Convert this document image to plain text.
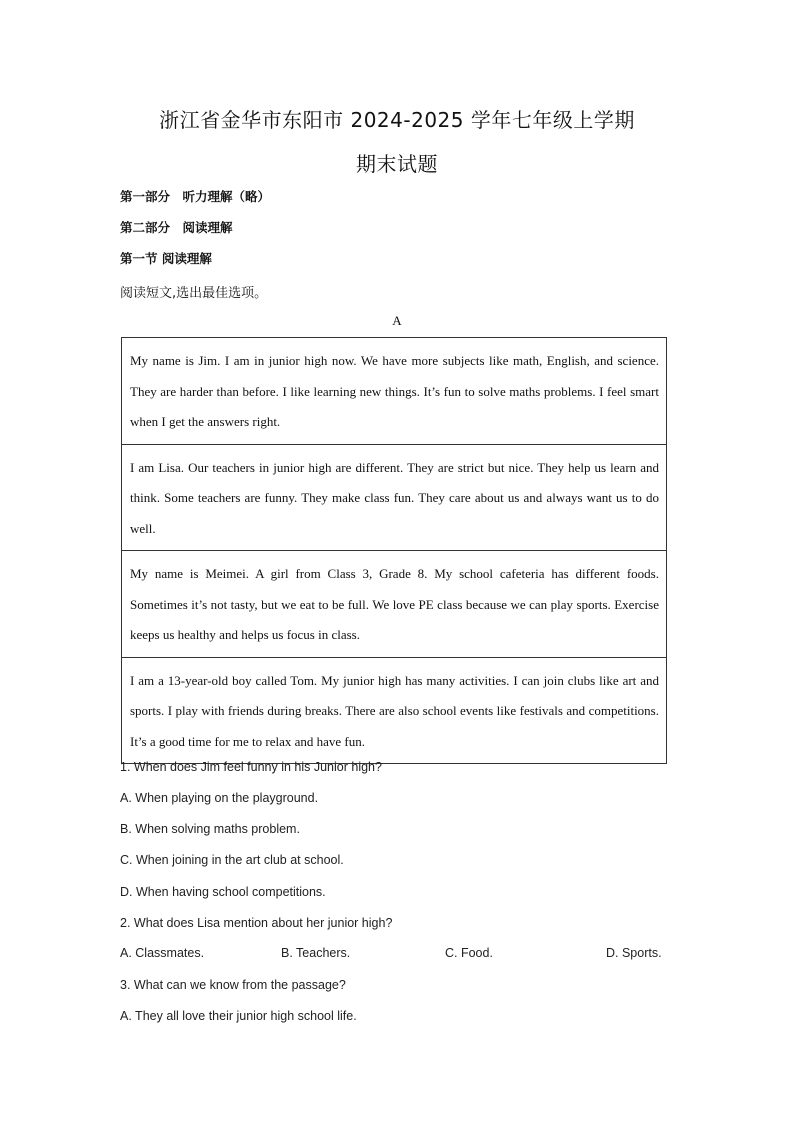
浙江省金华市东阳市 2024-2025 学年七年级上学期
期末试题
第一部分　听力理解（略）
第二部分　阅读理解
第一节 阅读理解
阅读短文,选出最佳选项。
A
My name is Jim. I am in junior high now. We have more subjects like math, English, and science. They are harder than before. I like learning new things. It’s fun to solve maths problems. I feel smart when I get the answers right.
I am Lisa. Our teachers in junior high are different. They are strict but nice. They help us learn and think. Some teachers are funny. They make class fun. They care about us and always want us to do well.
My name is Meimei. A girl from Class 3, Grade 8. My school cafeteria has different foods. Sometimes it’s not tasty, but we eat to be full. We love PE class because we can play sports. Exercise keeps us healthy and helps us focus in class.
I am a 13-year-old boy called Tom. My junior high has many activities. I can join clubs like art and sports. I play with friends during breaks. There are also school events like festivals and competitions. It’s a good time for me to relax and have fun.
1. When does Jim feel funny in his Junior high?
A. When playing on the playground.
B. When solving maths problem.
C. When joining in the art club at school.
D. When having school competitions.
2. What does Lisa mention about her junior high?
A. Classmates.	B. Teachers.	C. Food.	D. Sports.
3. What can we know from the passage?
A. They all love their junior high school life.
